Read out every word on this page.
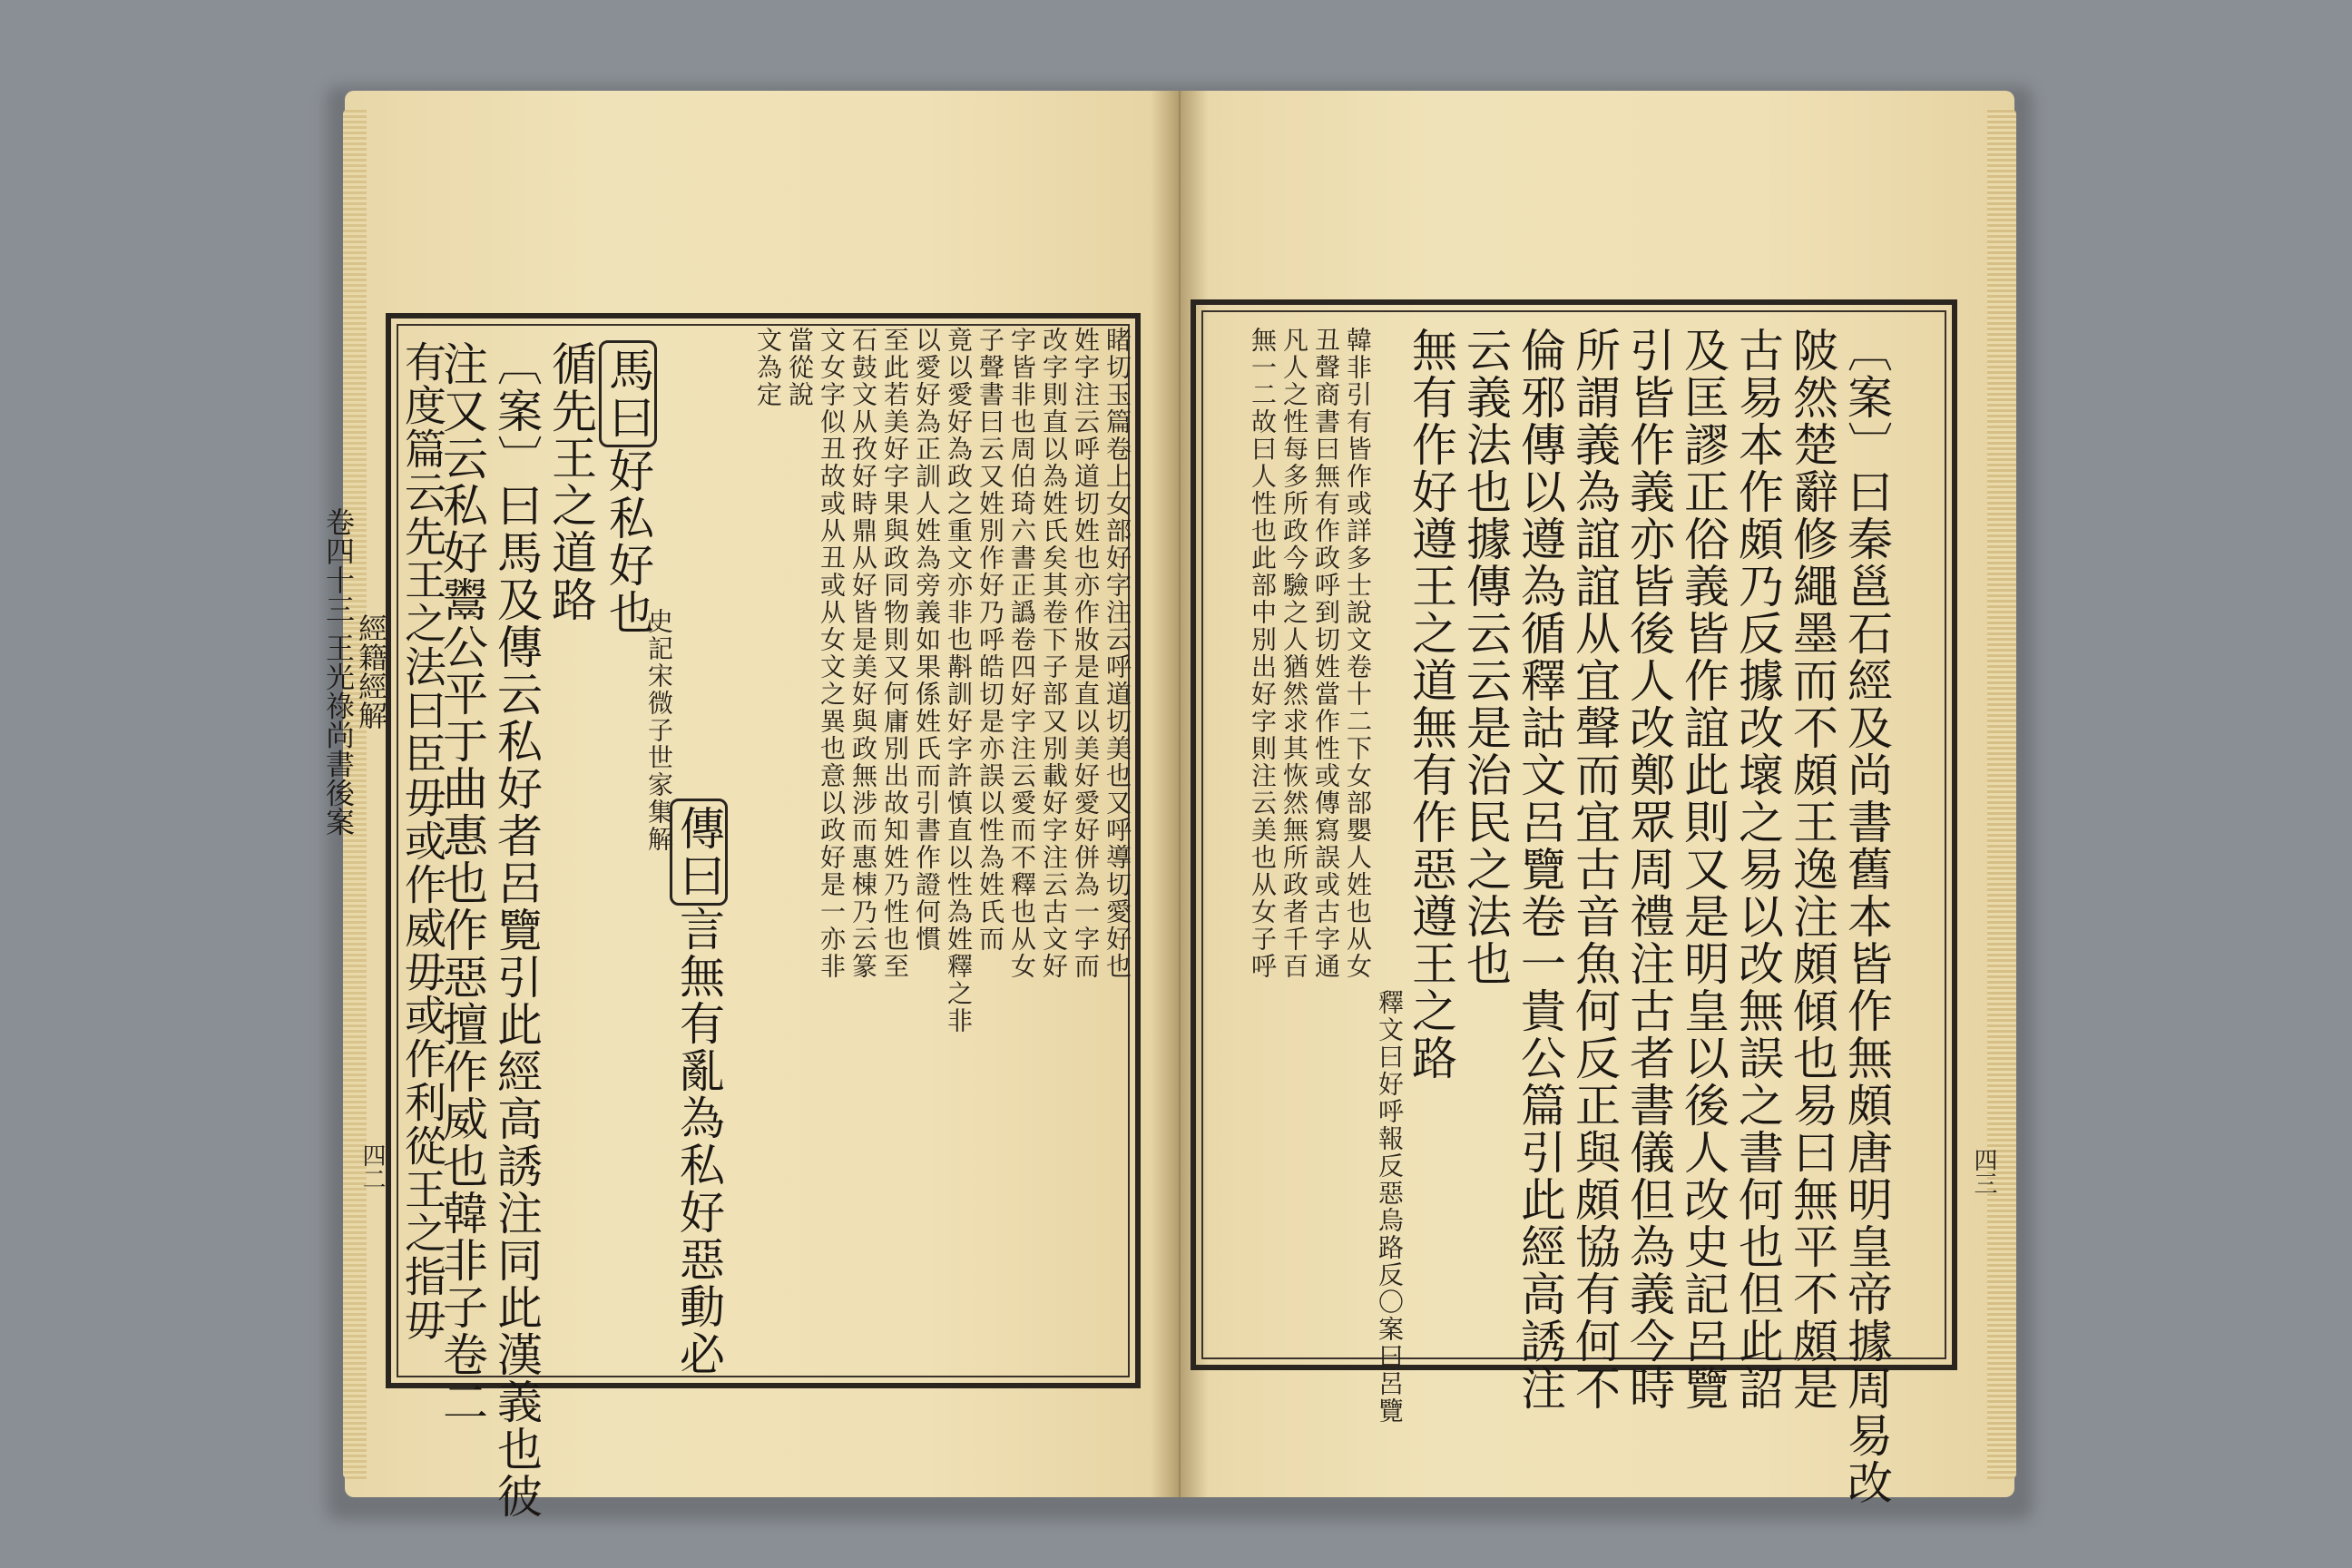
經籍經解
卷四十三 王光祿尚書後案
四二
馬曰好私好也
史記宋微子世家集解
傳曰言無有亂為私好惡動必
循先王之道路
〔案〕曰馬及傳云私好者呂覽引此經高誘注同此漢義也彼
注又云私好鬻公平于曲惠也作惡擅作威也韓非子卷二
有度篇云先王之法曰臣毋或作威毋或作利從王之指毋	睹切玉篇卷上女部好字注云呼道切美也又呼導切愛好也
姓字注云呼道切姓也亦作妝是直以美好愛好併為一字而
改字則直以為姓氏矣其卷下子部又別載好字注云古文好
字皆非也周伯琦六書正譌卷四好字注云愛而不釋也从女
子聲書曰云又姓別作好乃呼皓切是亦誤以性為姓氏而
竟以愛好為政之重文亦非也斠訓好字許慎直以性為姓釋之非
以愛好為正訓人姓為旁義如果係姓氏而引書作證何慣
至此若美好字果與政同物則又何庸別出故知姓乃性也至
石鼓文从孜好時鼎从好皆是美好與政無涉而惠棟乃云篆
文女字似丑故或从丑或从女文之異也意以政好是一亦非
當從說
文為定
四三
〔案〕曰秦邕石經及尚書舊本皆作無頗唐明皇帝據周易改
陂然楚辭修繩墨而不頗王逸注頗傾也易曰無平不頗是
古易本作頗乃反據改壞之易以改無誤之書何也但此詔
及匡謬正俗義皆作誼此則又是明皇以後人改史記呂覽
引皆作義亦皆後人改鄭眾周禮注古者書儀但為義今時
所謂義為誼誼从宜聲而宜古音魚何反正與頗協有何不
倫邪傳以遵為循釋詁文呂覽卷一貴公篇引此經高誘注
云義法也據傳云云是治民之法也
無有作好遵王之道無有作惡遵王之路
釋文曰好呼報反惡烏路反〇案曰呂覽
韓非引有皆作或詳多士說文卷十二下女部嬰人姓也从女
丑聲商書曰無有作政呼到切姓當作性或傳寫誤或古字通
凡人之性每多所政今驗之人猶然求其恢然無所政者千百
無一二故曰人性也此部中別出好字則注云美也从女子呼
